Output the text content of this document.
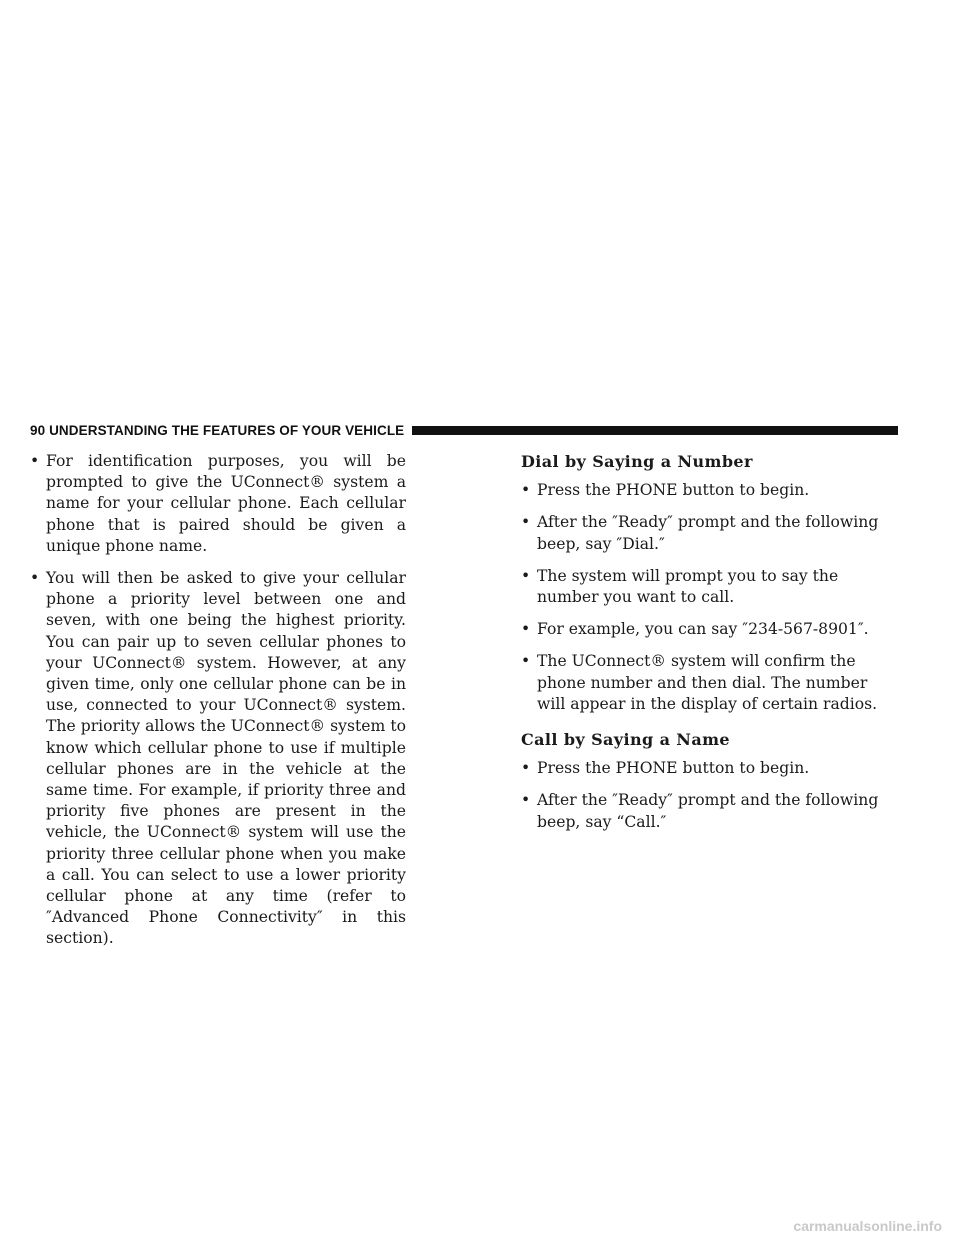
90 UNDERSTANDING THE FEATURES OF YOUR VEHICLE

• For identification purposes, you will be prompted to give the UConnect® system a name for your cellular phone. Each cellular phone that is paired should be given a unique phone name.

• You will then be asked to give your cellular phone a priority level between one and seven, with one being the highest priority. You can pair up to seven cellular phones to your UConnect® system. However, at any given time, only one cellular phone can be in use, connected to your UConnect® system. The priority allows the UConnect® system to know which cellular phone to use if multiple cellular phones are in the vehicle at the same time. For example, if priority three and priority five phones are present in the vehicle, the UConnect® system will use the priority three cellular phone when you make a call. You can select to use a lower priority cellular phone at any time (refer to ″Advanced Phone Connectivity″ in this section).

Dial by Saying a Number

• Press the PHONE button to begin.

• After the ″Ready″ prompt and the following beep, say ″Dial.″

• The system will prompt you to say the number you want to call.

• For example, you can say ″234-567-8901″.

• The UConnect® system will confirm the phone number and then dial. The number will appear in the display of certain radios.

Call by Saying a Name

• Press the PHONE button to begin.

• After the ″Ready″ prompt and the following beep, say “Call.″

carmanualsonline.info
